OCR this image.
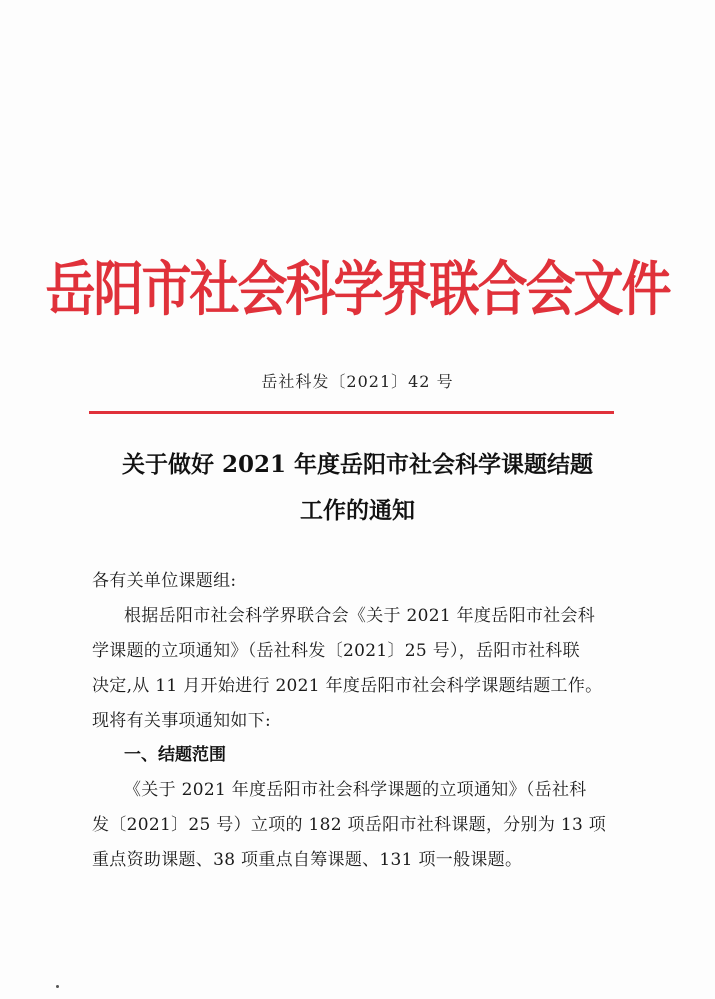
岳阳市社会科学界联合会文件
岳社科发〔2021〕42 号
关于做好 2021 年度岳阳市社会科学课题结题
工作的通知
各有关单位课题组:
根据岳阳市社会科学界联合会《关于 2021 年度岳阳市社会科
学课题的立项通知》（岳社科发〔2021〕25 号），岳阳市社科联
决定,从 11 月开始进行 2021 年度岳阳市社会科学课题结题工作。
现将有关事项通知如下:
一、结题范围
《关于 2021 年度岳阳市社会科学课题的立项通知》（岳社科
发〔2021〕25 号）立项的 182 项岳阳市社科课题，分别为 13 项
重点资助课题、38 项重点自筹课题、131 项一般课题。
